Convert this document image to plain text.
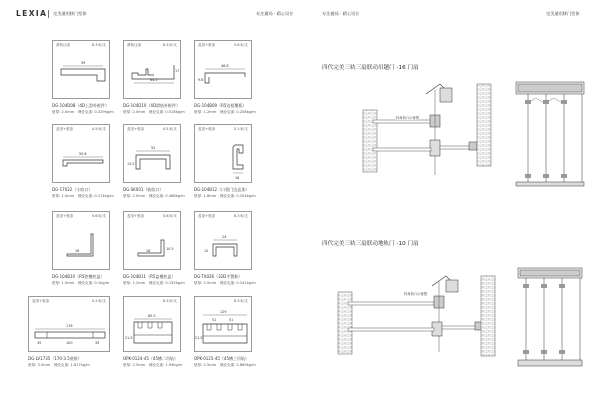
LEXIA 完美通用移门型体	专注做局 · 精心设计
滑轨压条	6.3米/支
59
DG-104D08（4D上滑外框件）
壁厚: 2.0mm 理论克重: 0.329kg/m
滑轨压条	6.3米/支
64.2
17
DG-104D10（4D滑轨外框件）
壁厚: 2.0mm 理论克重: 0.518kg/m
盖顶+框条	5.6米/支
46.8
9.6
DG-104B09（R5边框覆板）
壁厚: 1.2mm 理论克重: 0.208kg/m
盖顶+框条	4.5米/支
50.6
DG-17022（小收口）
壁厚: 1.0mm 理论克重: 0.174kg/m
盖顶+框条	4.5米/支
52
13.5
DG-SK001（轨收口）
壁厚: 2.0mm 理论克重: 0.488kg/m
盖顶+框条	5.1米/支
18
DG-104B12（口袋门边盒条）
壁厚: 1.8mm 理论克重: 0.204kg/m
盖顶+框条	5.6米/支
16
DG-104B10（R5控槽底盖）
壁厚: 1.5mm 理论克重: 0.1kg/m
盖顶+框条	5.6米/支
16	10.5
DG-104B11（R5盖槽底盖）
壁厚: 1.2mm 理论克重: 0.155kg/m
盖顶+框条	6.3米/支
24
12
DG-TX026（32D平置框）
壁厚: 2.0mm 理论克重: 0.241kg/m
盖顶+框条	5.2米/支
176
35	100	35
DG-LV1735（170-3.5底框）
壁厚: 3.5mm 理论克重: 1.617kg/m
6.3米/支
85.5
21.5
OPK-0124-45（45槽二吊轨）
壁厚: 2.5mm 理论克重: 1.93kg/m
6.3米/支
129
51	51
21.5
OPK-0125-45（45槽三吊轨）
壁厚: 2.5mm 理论克重: 2.889kg/m
专注做局 · 精心设计	完美通用移门型体
四代完美三轨三扇联动吊趟门 -16 门扇
转角收口示意图
四代完美三轨三扇联动地轨门 -10 门扇
转角收口示意图
